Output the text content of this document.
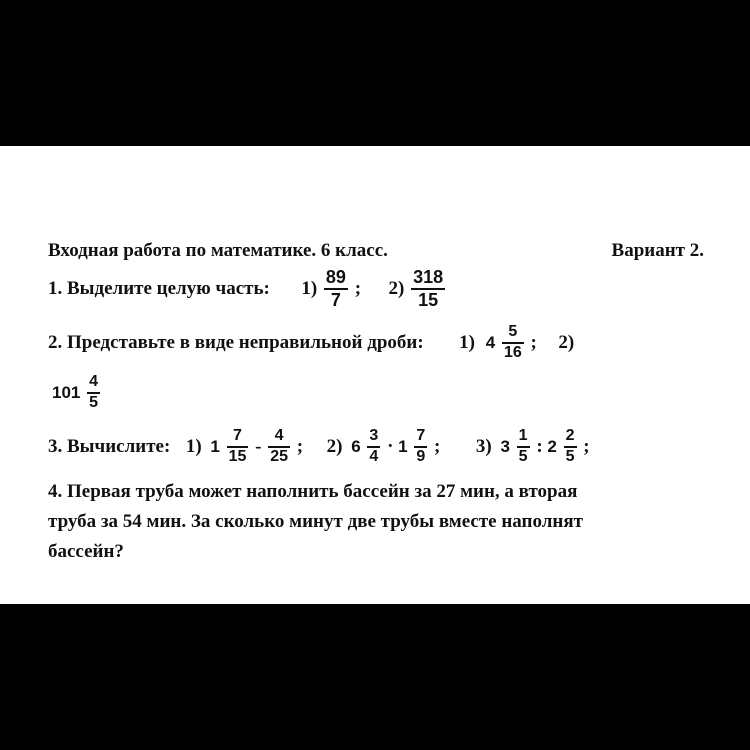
Входная работа по математике. 6 класс.	Вариант 2.
1. Выделите целую часть: $1) \frac{89}{7}$ ; $2) \frac{318}{15}$
2. Представьте в виде неправильной дроби: 1) $4 \frac{5}{16}$ ; 2)
$101 \frac{4}{5}$
3. Вычислите: 1) $1 \frac{7}{15} - \frac{4}{25}$ ; 2) $6 \frac{3}{4} \cdot 1 \frac{7}{9}$ ; 3) $3 \frac{1}{5}$ : $2 \frac{2}{5}$ ;
4. Первая труба может наполнить бассейн за 27 мин, а вторая
труба за 54 мин. За сколько минут две трубы вместе наполнят
бассейн?
